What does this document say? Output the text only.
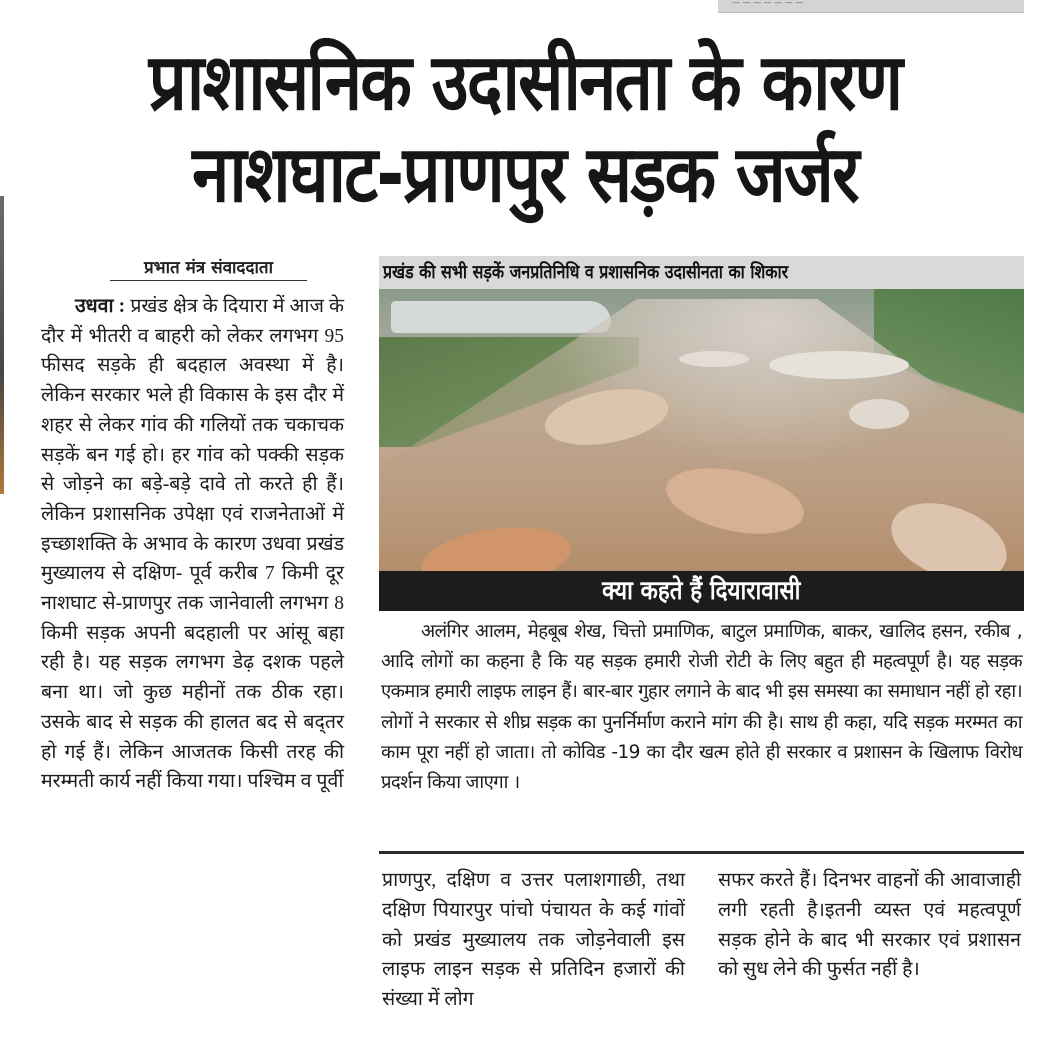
— — — — — — —
प्राशासनिक उदासीनता के कारण
नाशघाट-प्राणपुर सड़क जर्जर
प्रभात मंत्र संवाददाता

उधवा : प्रखंड क्षेत्र के दियारा में आज के दौर में भीतरी व बाहरी को लेकर लगभग 95 फीसद सड़के ही बदहाल अवस्था में है। लेकिन सरकार भले ही विकास के इस दौर में शहर से लेकर गांव की गलियों तक चकाचक सड़कें बन गई हो। हर गांव को पक्की सड़क से जोड़ने का बड़े-बड़े दावे तो करते ही हैं। लेकिन प्रशासनिक उपेक्षा एवं राजनेताओं में इच्छाशक्ति के अभाव के कारण उधवा प्रखंड मुख्यालय से दक्षिण- पूर्व करीब 7 किमी दूर नाशघाट से-प्राणपुर तक जानेवाली लगभग 8 किमी सड़क अपनी बदहाली पर आंसू बहा रही है। यह सड़क लगभग डेढ़ दशक पहले बना था। जो कुछ महीनों तक ठीक रहा। उसके बाद से सड़क की हालत बद से बद्तर हो गई हैं। लेकिन आजतक किसी तरह की मरम्मती कार्य नहीं किया गया। पश्चिम व पूर्वी

प्रखंड की सभी सड़कें जनप्रतिनिधि व प्रशासनिक उदासीनता का शिकार
क्या कहते हैं दियारावासी

अलंगिर आलम, मेहबूब शेख, चित्तो प्रमाणिक, बाटुल प्रमाणिक, बाकर, खालिद हसन, रकीब , आदि लोगों का कहना है कि यह सड़क हमारी रोजी रोटी के लिए बहुत ही महत्वपूर्ण है। यह सड़क एकमात्र हमारी लाइफ लाइन हैं। बार-बार गुहार लगाने के बाद भी इस समस्या का समाधान नहीं हो रहा। लोगों ने सरकार से शीघ्र सड़क का पुनर्निर्माण कराने मांग की है। साथ ही कहा, यदि सड़क मरम्मत का काम पूरा नहीं हो जाता। तो कोविड -19 का दौर खत्म होते ही सरकार व प्रशासन के खिलाफ विरोध प्रदर्शन किया जाएगा ।

प्राणपुर, दक्षिण व उत्तर पलाशगाछी, तथा दक्षिण पियारपुर पांचो पंचायत के कई गांवों को प्रखंड मुख्यालय तक जोड़नेवाली इस लाइफ लाइन सड़क से प्रतिदिन हजारों की संख्या में लोग

सफर करते हैं। दिनभर वाहनों की आवाजाही लगी रहती है।इतनी व्यस्त एवं महत्वपूर्ण सड़क होने के बाद भी सरकार एवं प्रशासन को सुध लेने की फुर्सत नहीं है।
